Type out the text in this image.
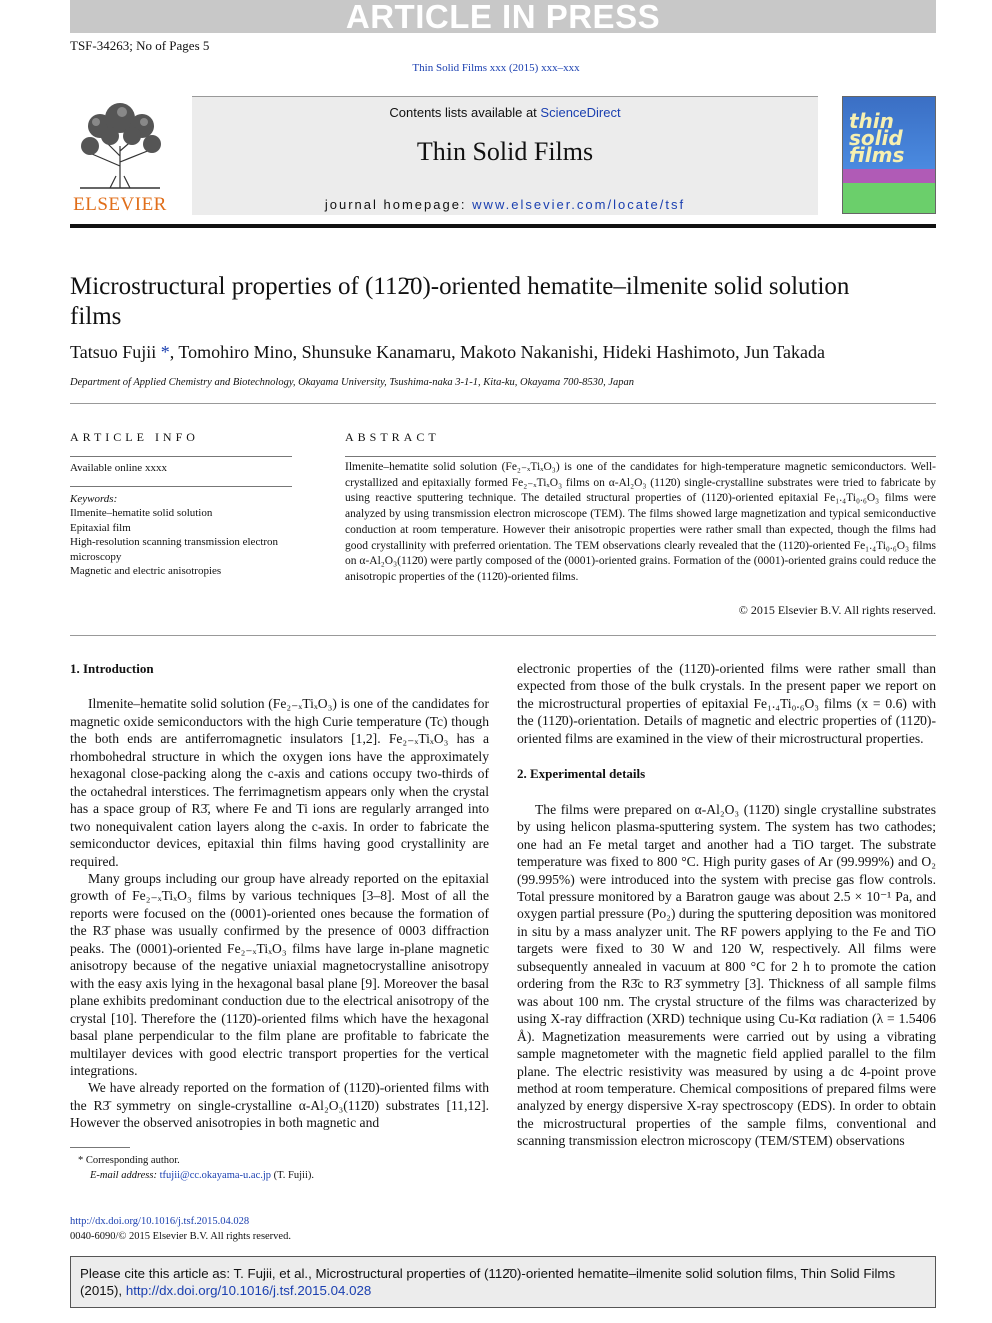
ARTICLE IN PRESS
TSF-34263; No of Pages 5
Thin Solid Films xxx (2015) xxx–xxx
ELSEVIER
Contents lists available at ScienceDirect
Thin Solid Films
journal homepage: www.elsevier.com/locate/tsf
thin solid films
Microstructural properties of (112̄0)-oriented hematite–ilmenite solid solution films
Tatsuo Fujii *, Tomohiro Mino, Shunsuke Kanamaru, Makoto Nakanishi, Hideki Hashimoto, Jun Takada
Department of Applied Chemistry and Biotechnology, Okayama University, Tsushima-naka 3-1-1, Kita-ku, Okayama 700-8530, Japan
ARTICLE INFO
Available online xxxx
Keywords:
Ilmenite–hematite solid solution
Epitaxial film
High-resolution scanning transmission electron microscopy
Magnetic and electric anisotropies
ABSTRACT
Ilmenite–hematite solid solution (Fe₂₋ₓTiₓO₃) is one of the candidates for high-temperature magnetic semiconductors. Well-crystallized and epitaxially formed Fe₂₋ₓTiₓO₃ films on α-Al₂O₃ (112̄0) single-crystalline substrates were tried to fabricate by using reactive sputtering technique. The detailed structural properties of (112̄0)-oriented epitaxial Fe₁.₄Ti₀.₆O₃ films were analyzed by using transmission electron microscope (TEM). The films showed large magnetization and typical semiconductive conduction at room temperature. However their anisotropic properties were rather small than expected, though the films had good crystallinity with preferred orientation. The TEM observations clearly revealed that the (112̄0)-oriented Fe₁.₄Ti₀.₆O₃ films on α-Al₂O₃(112̄0) were partly composed of the (0001)-oriented grains. Formation of the (0001)-oriented grains could reduce the anisotropic properties of the (112̄0)-oriented films.
© 2015 Elsevier B.V. All rights reserved.
1. Introduction

Ilmenite–hematite solid solution (Fe₂₋ₓTiₓO₃) is one of the candidates for magnetic oxide semiconductors with the high Curie temperature (Tc) though the both ends are antiferromagnetic insulators [1,2]. Fe₂₋ₓTiₓO₃ has a rhombohedral structure in which the oxygen ions have the approximately hexagonal close-packing along the c-axis and cations occupy two-thirds of the octahedral interstices. The ferrimagnetism appears only when the crystal has a space group of R3̄, where Fe and Ti ions are regularly arranged into two nonequivalent cation layers along the c-axis. In order to fabricate the semiconductor devices, epitaxial thin films having good crystallinity are required.

Many groups including our group have already reported on the epitaxial growth of Fe₂₋ₓTiₓO₃ films by various techniques [3–8]. Most of all the reports were focused on the (0001)-oriented ones because the formation of the R3̄ phase was usually confirmed by the presence of 0003 diffraction peaks. The (0001)-oriented Fe₂₋ₓTiₓO₃ films have large in-plane magnetic anisotropy because of the negative uniaxial magnetocrystalline anisotropy with the easy axis lying in the hexagonal basal plane [9]. Moreover the basal plane exhibits predominant conduction due to the electrical anisotropy of the crystal [10]. Therefore the (112̄0)-oriented films which have the hexagonal basal plane perpendicular to the film plane are profitable to fabricate the multilayer devices with good electric transport properties for the vertical integrations.

We have already reported on the formation of (112̄0)-oriented films with the R3̄ symmetry on single-crystalline α-Al₂O₃(112̄0) substrates [11,12]. However the observed anisotropies in both magnetic and

electronic properties of the (112̄0)-oriented films were rather small than expected from those of the bulk crystals. In the present paper we report on the microstructural properties of epitaxial Fe₁.₄Ti₀.₆O₃ films (x = 0.6) with the (112̄0)-orientation. Details of magnetic and electric properties of (112̄0)-oriented films are examined in the view of their microstructural properties.

2. Experimental details

The films were prepared on α-Al₂O₃ (112̄0) single crystalline substrates by using helicon plasma-sputtering system. The system has two cathodes; one had an Fe metal target and another had a TiO target. The substrate temperature was fixed to 800 °C. High purity gases of Ar (99.999%) and O₂ (99.995%) were introduced into the system with precise gas flow controls. Total pressure monitored by a Baratron gauge was about 2.5 × 10⁻¹ Pa, and oxygen partial pressure (Po₂) during the sputtering deposition was monitored in situ by a mass analyzer unit. The RF powers applying to the Fe and TiO targets were fixed to 30 W and 120 W, respectively. All films were subsequently annealed in vacuum at 800 °C for 2 h to promote the cation ordering from the R3̄c to R3̄ symmetry [3]. Thickness of all sample films was about 100 nm. The crystal structure of the films was characterized by using X-ray diffraction (XRD) technique using Cu-Kα radiation (λ = 1.5406 Å). Magnetization measurements were carried out by using a vibrating sample magnetometer with the magnetic field applied parallel to the film plane. The electric resistivity was measured by using a dc 4-point prove method at room temperature. Chemical compositions of prepared films were analyzed by energy dispersive X-ray spectroscopy (EDS). In order to obtain the microstructural properties of the sample films, conventional and scanning transmission electron microscopy (TEM/STEM) observations

* Corresponding author.
E-mail address: tfujii@cc.okayama-u.ac.jp (T. Fujii).
http://dx.doi.org/10.1016/j.tsf.2015.04.028
0040-6090/© 2015 Elsevier B.V. All rights reserved.
Please cite this article as: T. Fujii, et al., Microstructural properties of (112̄0)-oriented hematite–ilmenite solid solution films, Thin Solid Films (2015), http://dx.doi.org/10.1016/j.tsf.2015.04.028
